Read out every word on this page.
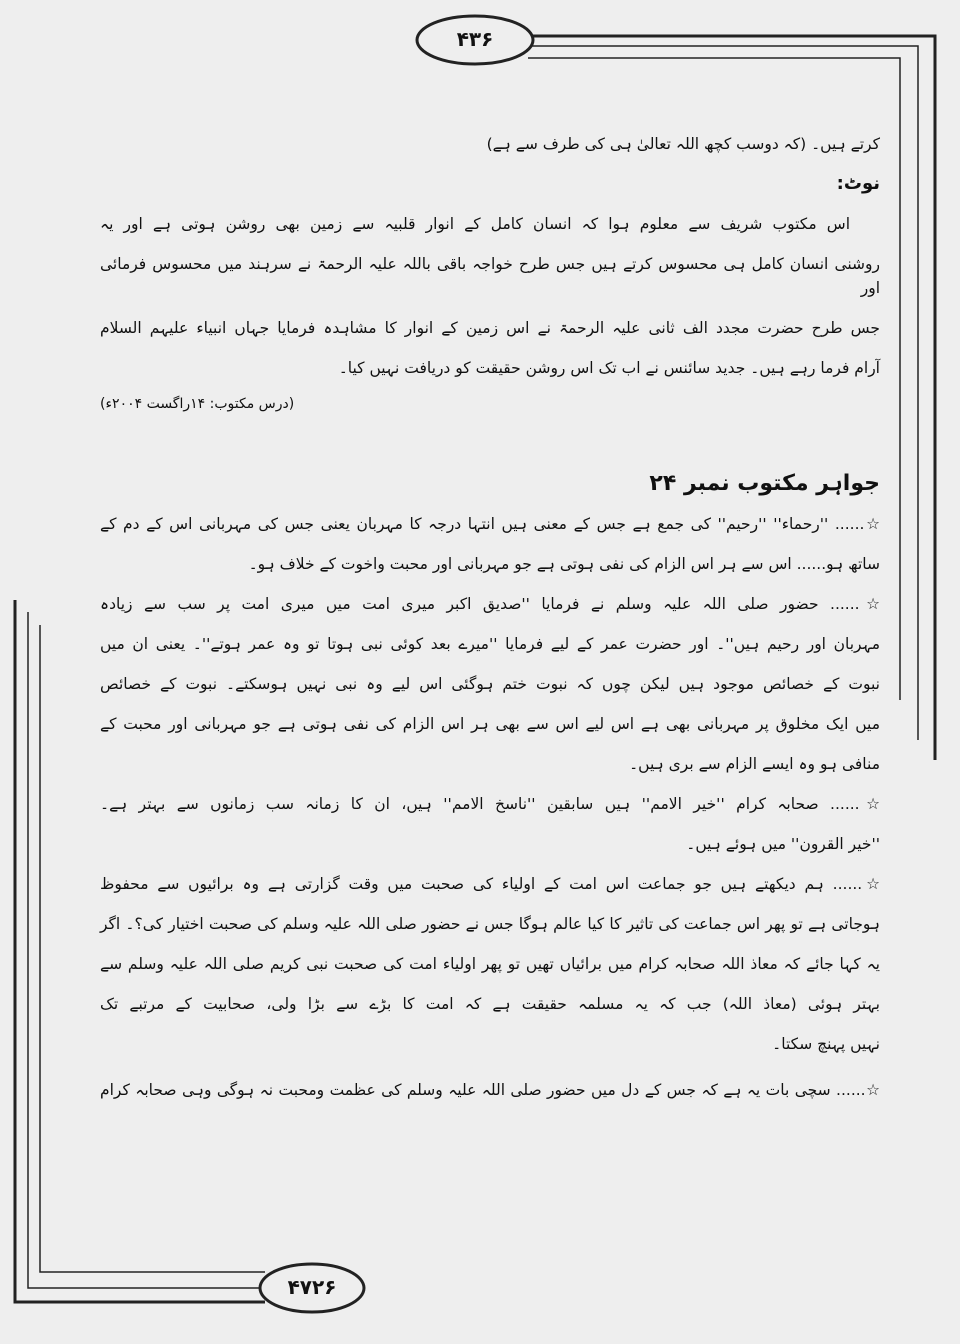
۴۳۶
۴۷۲۶
کرتے ہیں۔ (کہ دوسب کچھ اللہ تعالیٰ ہی کی طرف سے ہے)
نوٹ:
اس مکتوب شریف سے معلوم ہوا کہ انسان کامل کے انوار قلبیہ سے زمین بھی روشن ہوتی ہے اور یہ
روشنی انسان کامل ہی محسوس کرتے ہیں جس طرح خواجہ باقی باللہ علیہ الرحمۃ نے سرہند میں محسوس فرمائی اور
جس طرح حضرت مجدد الف ثانی علیہ الرحمۃ نے اس زمین کے انوار کا مشاہدہ فرمایا جہاں انبیاء علیہم السلام
آرام فرما رہے ہیں۔ جدید سائنس نے اب تک اس روشن حقیقت کو دریافت نہیں کیا۔
(درس مکتوب: ۱۴راگست ۲۰۰۴ء)
جواہر مکتوب نمبر ۲۴
☆...... ''رحماء'' ''رحیم'' کی جمع ہے جس کے معنی ہیں انتہا درجہ کا مہربان یعنی جس کی مہربانی اس کے دم کے
ساتھ ہو...... اس سے ہر اس الزام کی نفی ہوتی ہے جو مہربانی اور محبت واخوت کے خلاف ہو۔
☆...... حضور صلی اللہ علیہ وسلم نے فرمایا ''صدیق اکبر میری امت میں میری امت پر سب سے زیادہ
مہربان اور رحیم ہیں''۔ اور حضرت عمر کے لیے فرمایا ''میرے بعد کوئی نبی ہوتا تو وہ عمر ہوتے''۔ یعنی ان میں
نبوت کے خصائص موجود ہیں لیکن چوں کہ نبوت ختم ہوگئی اس لیے وہ نبی نہیں ہوسکتے۔ نبوت کے خصائص
میں ایک مخلوق پر مہربانی بھی ہے اس لیے اس سے بھی ہر اس الزام کی نفی ہوتی ہے جو مہربانی اور محبت کے
منافی ہو وہ ایسے الزام سے بری ہیں۔
☆...... صحابہ کرام ''خیر الامم'' ہیں سابقین ''ناسخ الامم'' ہیں، ان کا زمانہ سب زمانوں سے بہتر ہے۔
''خیر القرون'' میں ہوئے ہیں۔
☆...... ہم دیکھتے ہیں جو جماعت اس امت کے اولیاء کی صحبت میں وقت گزارتی ہے وہ برائیوں سے محفوظ
ہوجاتی ہے تو پھر اس جماعت کی تاثیر کا کیا عالم ہوگا جس نے حضور صلی اللہ علیہ وسلم کی صحبت اختیار کی؟۔ اگر
یہ کہا جائے کہ معاذ اللہ صحابہ کرام میں برائیاں تھیں تو پھر اولیاء امت کی صحبت نبی کریم صلی اللہ علیہ وسلم سے
بہتر ہوئی (معاذ اللہ) جب کہ یہ مسلمہ حقیقت ہے کہ امت کا بڑے سے بڑا ولی، صحابیت کے مرتبے تک
نہیں پہنچ سکتا۔
☆...... سچی بات یہ ہے کہ جس کے دل میں حضور صلی اللہ علیہ وسلم کی عظمت ومحبت نہ ہوگی وہی صحابہ کرام
